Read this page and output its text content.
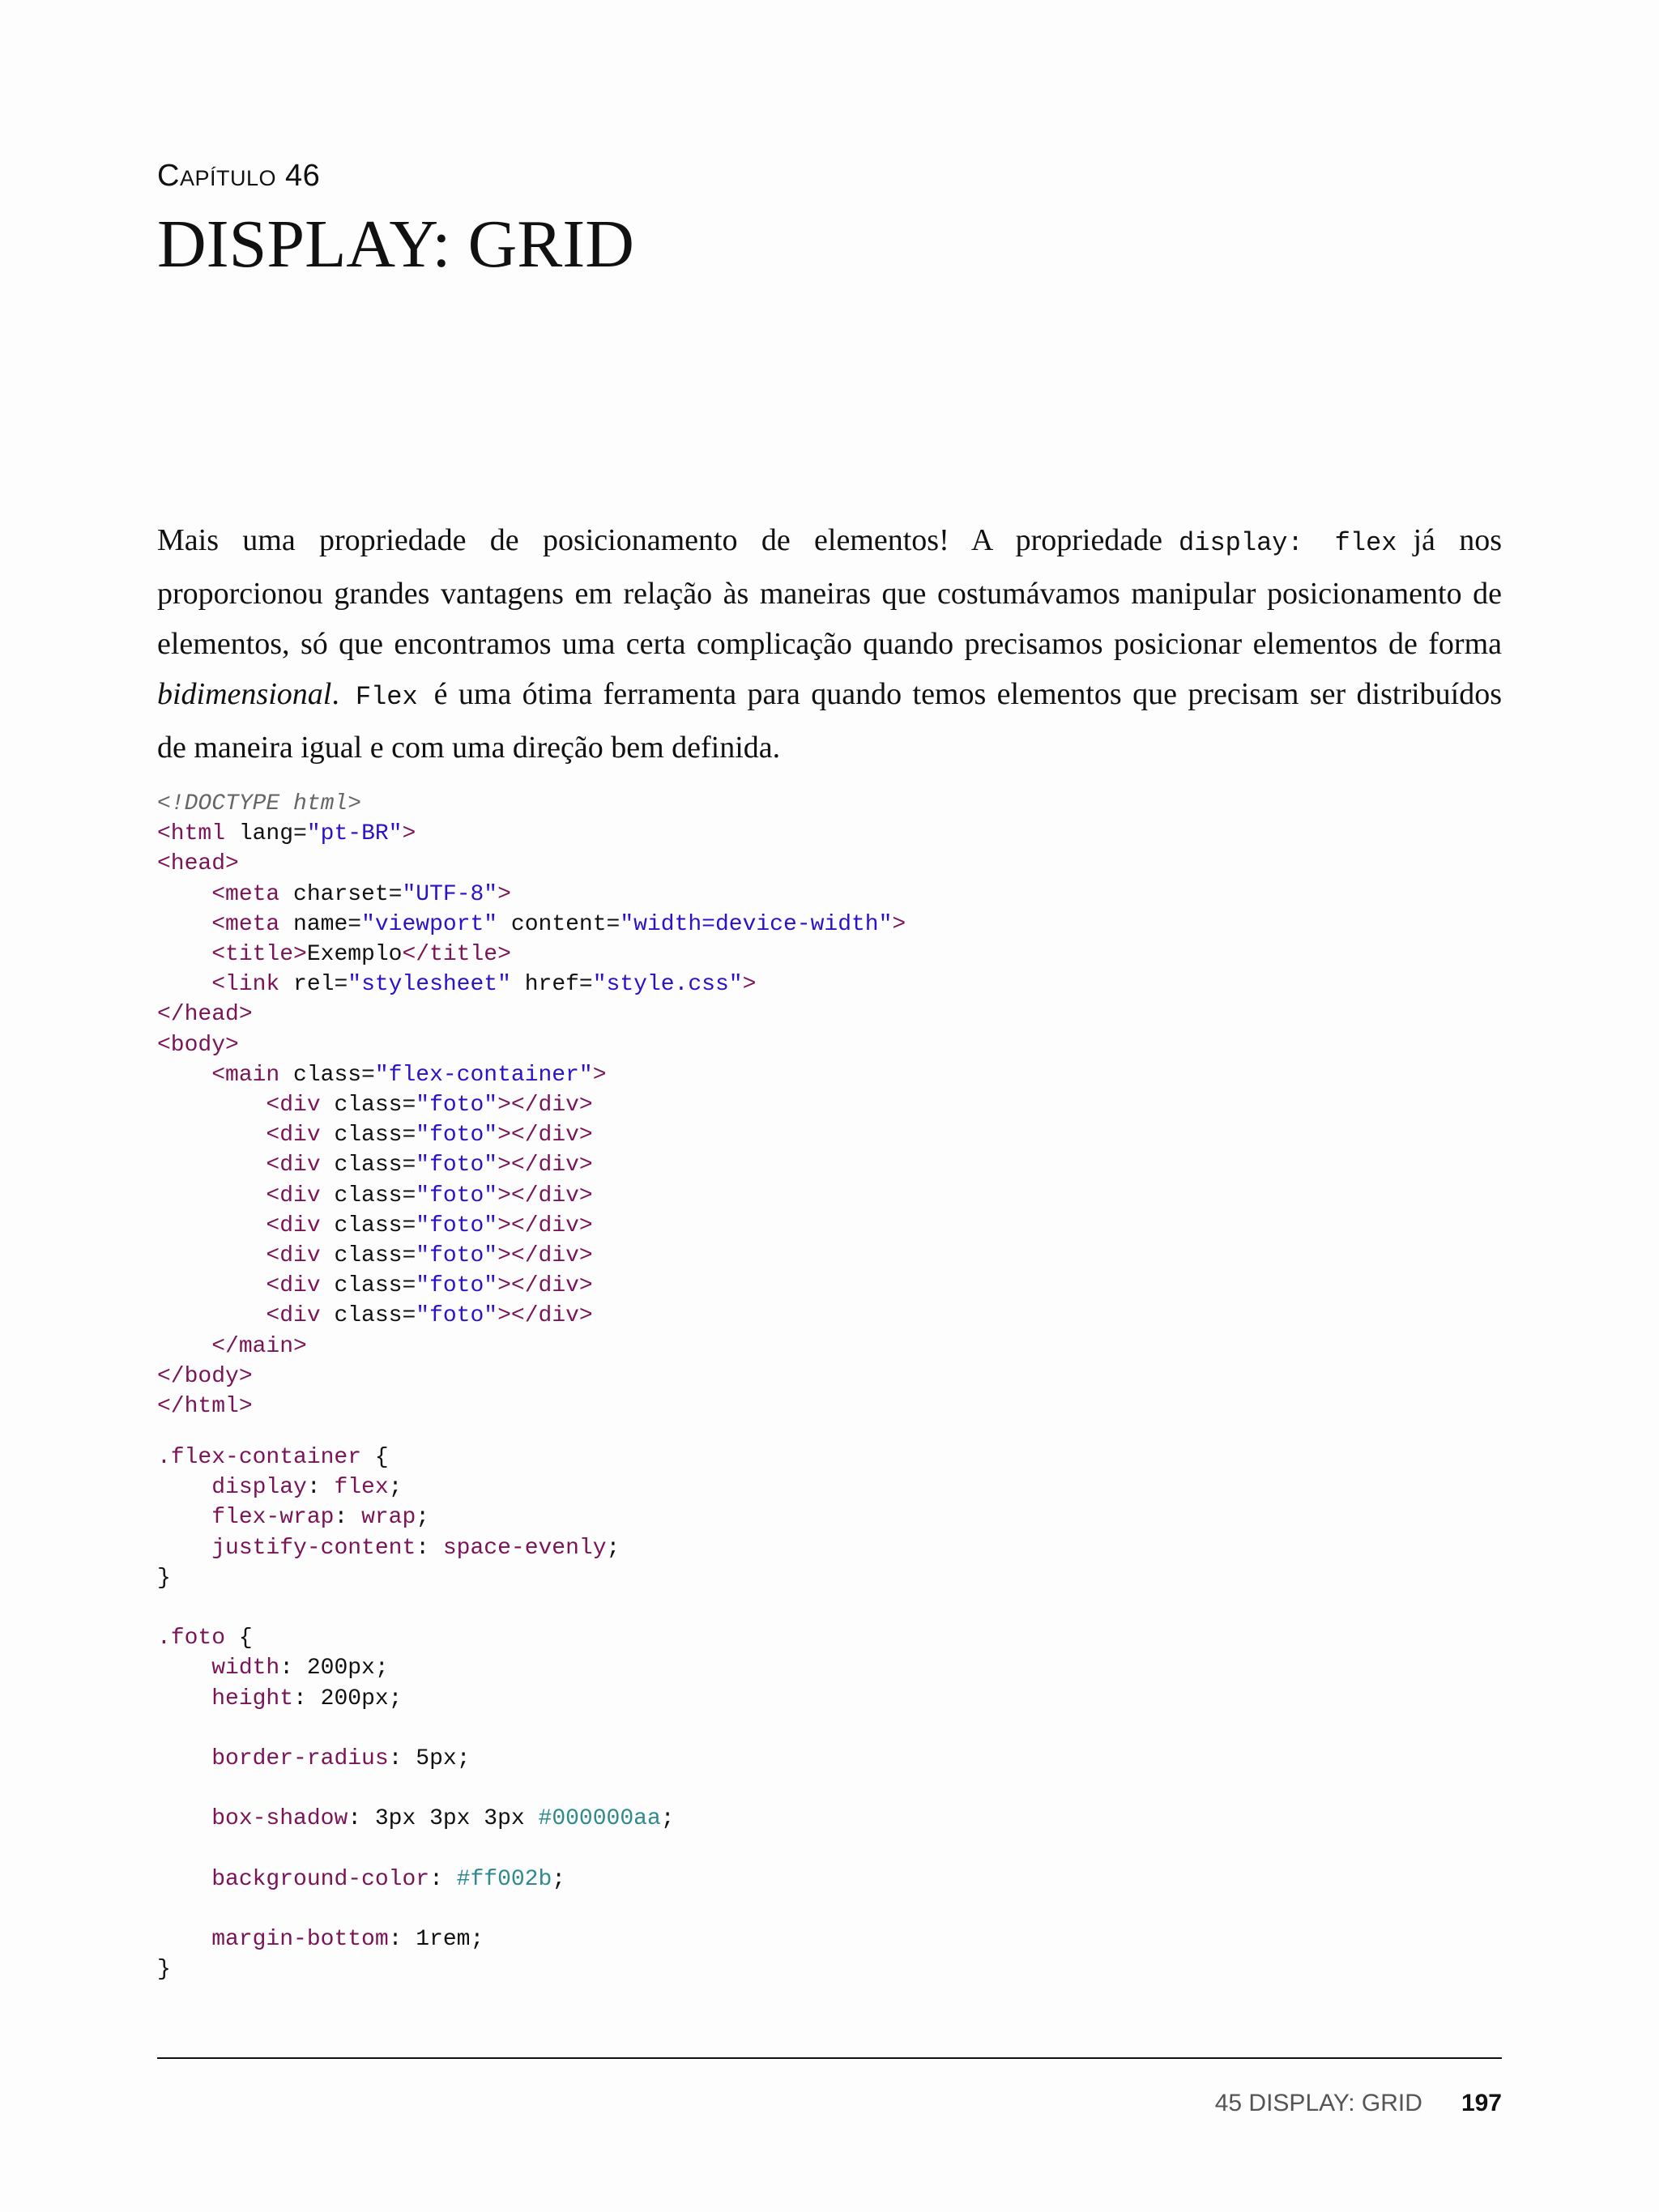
Capítulo 46
DISPLAY: GRID

Mais uma propriedade de posicionamento de elementos! A propriedade display: flex já nos proporcionou grandes vantagens em relação às maneiras que costumávamos manipular posicionamento de elementos, só que encontramos uma certa complicação quando precisamos posicionar elementos de forma bidimensional. Flex é uma ótima ferramenta para quando temos elementos que precisam ser distribuídos de maneira igual e com uma direção bem definida.

<!DOCTYPE html>
<html lang="pt-BR">
<head>
<meta charset="UTF-8">
<meta name="viewport" content="width=device-width">
<title>Exemplo</title>
<link rel="stylesheet" href="style.css">
</head>
<body>
<main class="flex-container">
<div class="foto"></div>
<div class="foto"></div>
<div class="foto"></div>
<div class="foto"></div>
<div class="foto"></div>
<div class="foto"></div>
<div class="foto"></div>
<div class="foto"></div>
</main>
</body>
</html>
.flex-container {
display: flex;
flex-wrap: wrap;
justify-content: space-evenly;
}

.foto {
width: 200px;
height: 200px;

border-radius: 5px;

box-shadow: 3px 3px 3px #000000aa;

background-color: #ff002b;

margin-bottom: 1rem;
}
45 DISPLAY: GRID 197
